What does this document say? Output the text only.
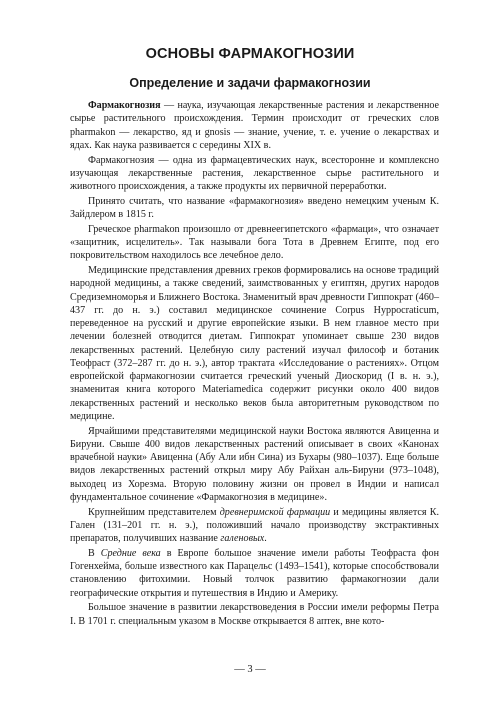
ОСНОВЫ ФАРМАКОГНОЗИИ
Определение и задачи фармакогнозии

Фармакогнозия — наука, изучающая лекарственные растения и лекарственное сырье растительного происхождения. Термин происходит от греческих слов pharmakon — лекарство, яд и gnosis — знание, учение, т. е. учение о лекарствах и ядах. Как наука развивается с середины XIX в.

Фармакогнозия — одна из фармацевтических наук, всесторонне и комплексно изучающая лекарственные растения, лекарственное сырье растительного и животного происхождения, а также продукты их первичной переработки.

Принято считать, что название «фармакогнозия» введено немецким ученым К. Зайдлером в 1815 г.

Греческое pharmakon произошло от древнеегипетского «фармаци», что означает «защитник, исцелитель». Так называли бога Тота в Древнем Египте, под его покровительством находилось все лечебное дело.

Медицинские представления древних греков формировались на основе традиций народной медицины, а также сведений, заимствованных у египтян, других народов Средиземноморья и Ближнего Востока. Знаменитый врач древности Гиппократ (460–437 гг. до н. э.) составил медицинское сочинение Corpus Hyppocraticum, переведенное на русский и другие европейские языки. В нем главное место при лечении болезней отводится диетам. Гиппократ упоминает свыше 230 видов лекарственных растений. Целебную силу растений изучал философ и ботаник Теофраст (372–287 гг. до н. э.), автор трактата «Исследование о растениях». Отцом европейской фармакогнозии считается греческий ученый Диоскорид (I в. н. э.), знаменитая книга которого Materiamedica содержит рисунки около 400 видов лекарственных растений и несколько веков была авторитетным руководством по медицине.

Ярчайшими представителями медицинской науки Востока являются Авиценна и Бируни. Свыше 400 видов лекарственных растений описывает в своих «Канонах врачебной науки» Авиценна (Абу Али ибн Сина) из Бухары (980–1037). Еще больше видов лекарственных растений открыл миру Абу Райхан аль-Бируни (973–1048), выходец из Хорезма. Вторую половину жизни он провел в Индии и написал фундаментальное сочинение «Фармакогнозия в медицине».

Крупнейшим представителем древнеримской фармации и медицины является К. Гален (131–201 гг. н. э.), положивший начало производству экстрактивных препаратов, получивших название галеновых.

В Средние века в Европе большое значение имели работы Теофраста фон Гогенхейма, больше известного как Парацельс (1493–1541), которые способствовали становлению фитохимии. Новый толчок развитию фармакогнозии дали географические открытия и путешествия в Индию и Америку.

Большое значение в развитии лекарствоведения в России имели реформы Петра I. В 1701 г. специальным указом в Москве открывается 8 аптек, вне кото-

— 3 —
